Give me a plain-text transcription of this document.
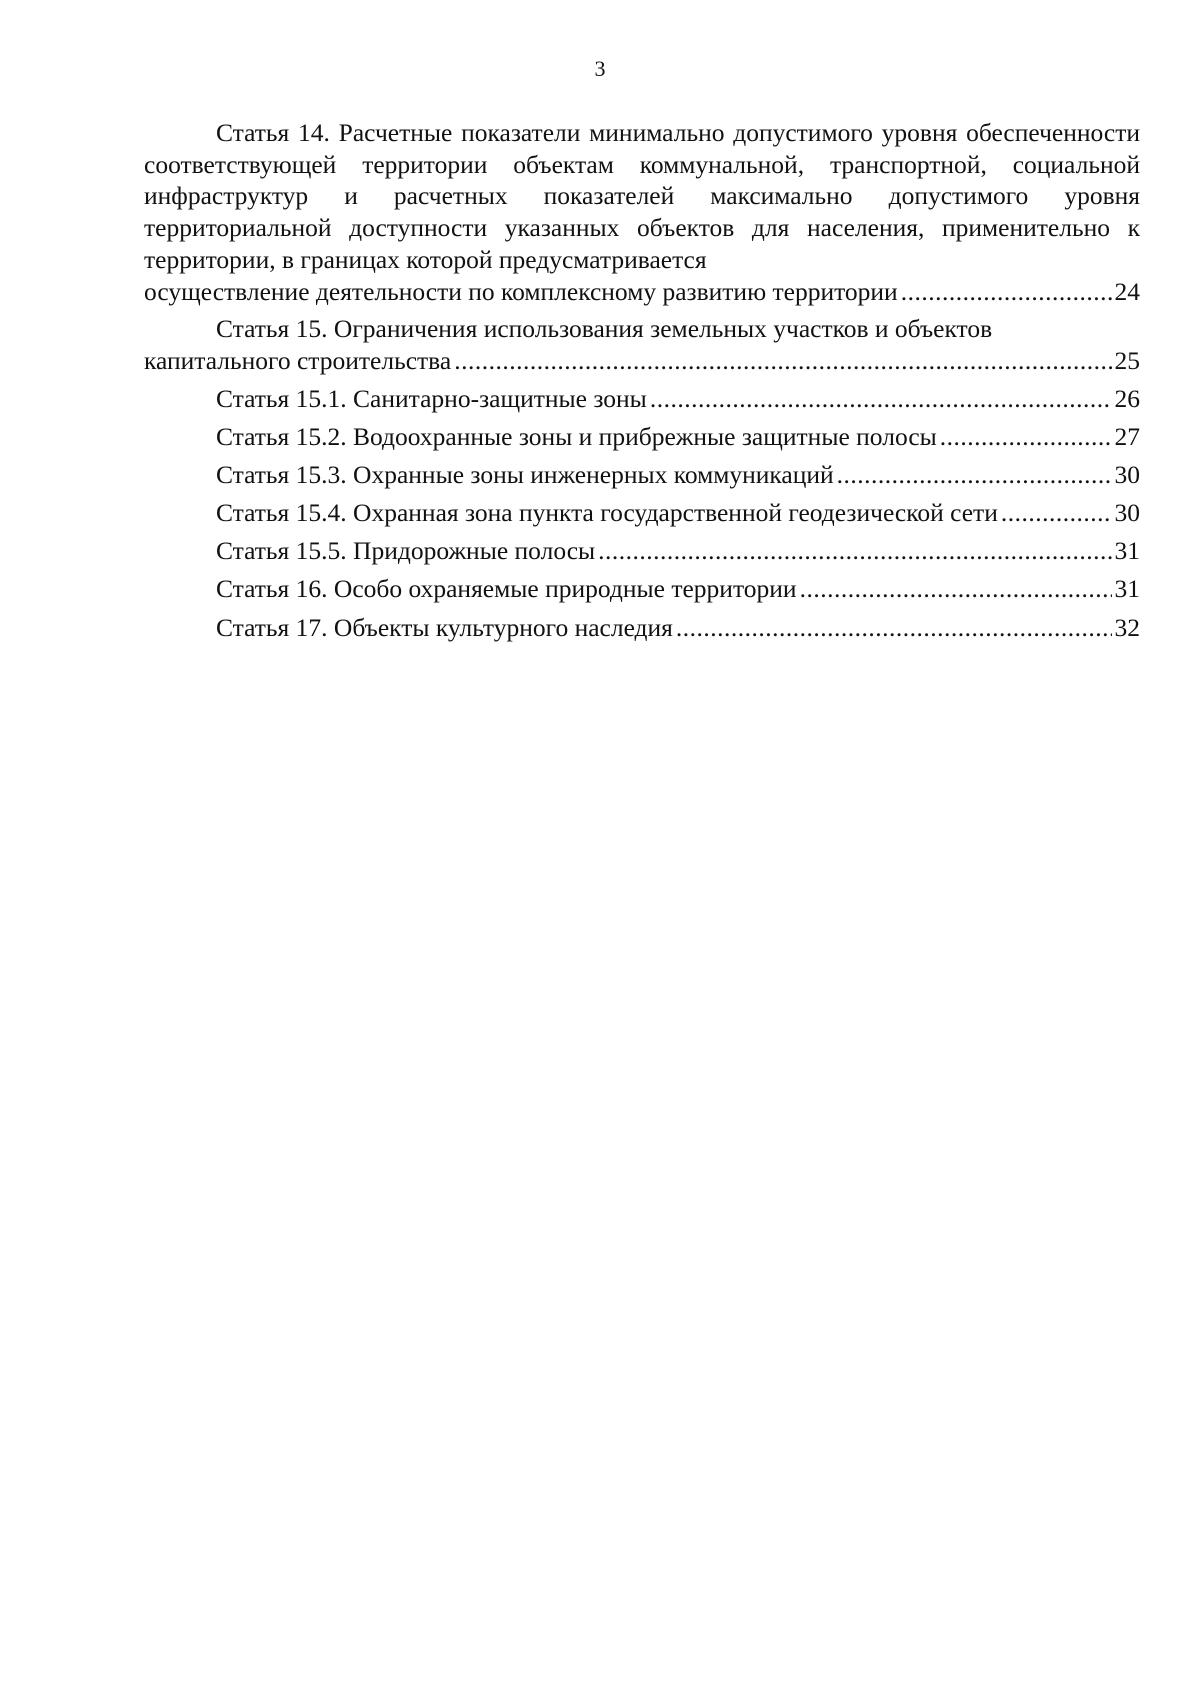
3
Статья 14. Расчетные показатели минимально допустимого уровня обеспеченности соответствующей территории объектам коммунальной, транспортной, социальной инфраструктур и расчетных показателей максимально допустимого уровня территориальной доступности указанных объектов для населения, применительно к территории, в границах которой предусматривается
осуществление деятельности по комплексному развитию территории .....	24
Статья 15. Ограничения использования земельных участков и объектов
капитального строительства .....	25
Статья 15.1. Санитарно-защитные зоны .....	26
Статья 15.2. Водоохранные зоны и прибрежные защитные полосы .....	27
Статья 15.3. Охранные зоны инженерных коммуникаций .....	30
Статья 15.4. Охранная зона пункта государственной геодезической сети .....	30
Статья 15.5. Придорожные полосы .....	31
Статья 16. Особо охраняемые природные территории .....	31
Статья 17. Объекты культурного наследия .....	32
